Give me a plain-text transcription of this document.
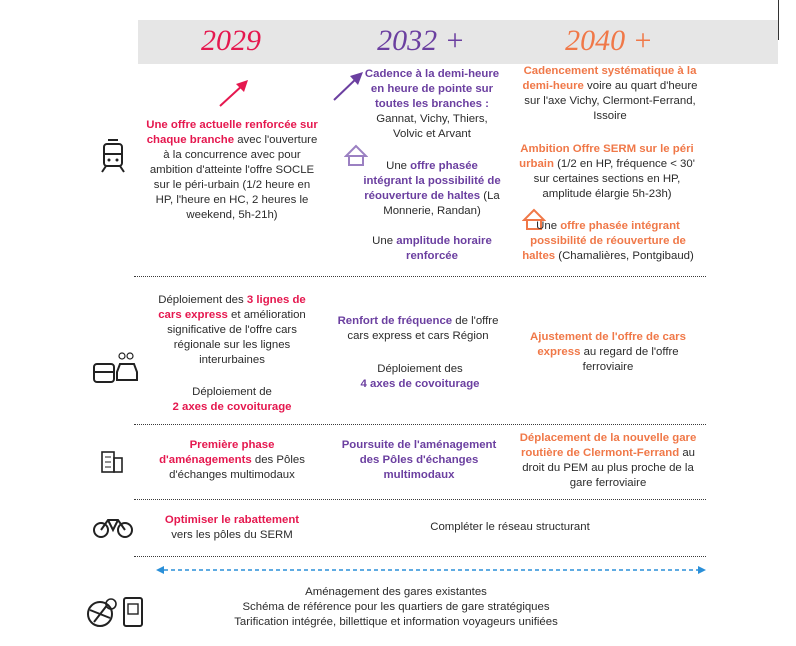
2029	2032 +	2040 +
Une offre actuelle renforcée sur chaque branche avec l'ouverture à la concurrence avec pour ambition d'atteinte l'offre SOCLE sur le péri-urbain (1/2 heure en HP, l'heure en HC, 2 heures le weekend, 5h-21h)
Cadence à la demi-heure en heure de pointe sur toutes les branches : Gannat, Vichy, Thiers, Volvic et Arvant
Une offre phasée intégrant la possibilité de réouverture de haltes (La Monnerie, Randan)
Une amplitude horaire renforcée
Cadencement systématique à la demi-heure voire au quart d'heure sur l'axe Vichy, Clermont-Ferrand, Issoire
Ambition Offre SERM sur le péri urbain (1/2 en HP, fréquence < 30' sur certaines sections en HP, amplitude élargie 5h-23h)
Une offre phasée intégrant possibilité de réouverture de haltes (Chamalières, Pontgibaud)
Déploiement des 3 lignes de cars express et amélioration significative de l'offre cars régionale sur les lignes interurbaines
Déploiement de
2 axes de covoiturage
Renfort de fréquence de l'offre cars express et cars Région
Déploiement des
4 axes de covoiturage
Ajustement de l'offre de cars express au regard de l'offre ferroviaire
Première phase d'aménagements des Pôles d'échanges multimodaux
Poursuite de l'aménagement des Pôles d'échanges multimodaux
Déplacement de la nouvelle gare routière de Clermont-Ferrand au droit du PEM au plus proche de la gare ferroviaire
Optimiser le rabattement
vers les pôles du SERM
Compléter le réseau structurant
Aménagement des gares existantes
Schéma de référence pour les quartiers de gare stratégiques
Tarification intégrée, billettique et information voyageurs unifiées
